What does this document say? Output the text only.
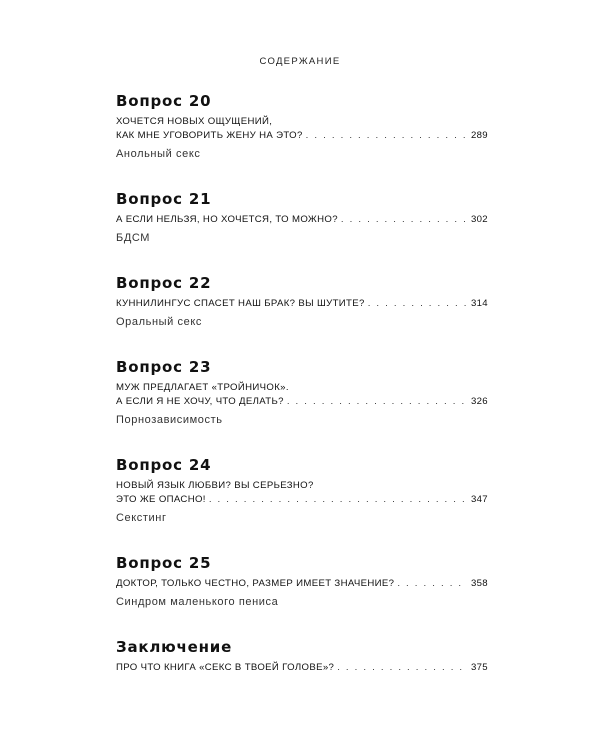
СОДЕРЖАНИЕ
Вопрос 20
ХОЧЕТСЯ НОВЫХ ОЩУЩЕНИЙ,
КАК МНЕ УГОВОРИТЬ ЖЕНУ НА ЭТО? . . .	289
Анольный секс
Вопрос 21
А ЕСЛИ НЕЛЬЗЯ, НО ХОЧЕТСЯ, ТО МОЖНО? . . .	302
БДСМ
Вопрос 22
КУННИЛИНГУС СПАСЕТ НАШ БРАК? ВЫ ШУТИТЕ? . . .	314
Оральный секс
Вопрос 23
МУЖ ПРЕДЛАГАЕТ «ТРОЙНИЧОК».
А ЕСЛИ Я НЕ ХОЧУ, ЧТО ДЕЛАТЬ? . . .	326
Порнозависимость
Вопрос 24
НОВЫЙ ЯЗЫК ЛЮБВИ? ВЫ СЕРЬЕЗНО?
ЭТО ЖЕ ОПАСНО! . . .	347
Секстинг
Вопрос 25
ДОКТОР, ТОЛЬКО ЧЕСТНО, РАЗМЕР ИМЕЕТ ЗНАЧЕНИЕ? . . .	358
Синдром маленького пениса
Заключение
ПРО ЧТО КНИГА «СЕКС В ТВОЕЙ ГОЛОВЕ»? . . .	375
